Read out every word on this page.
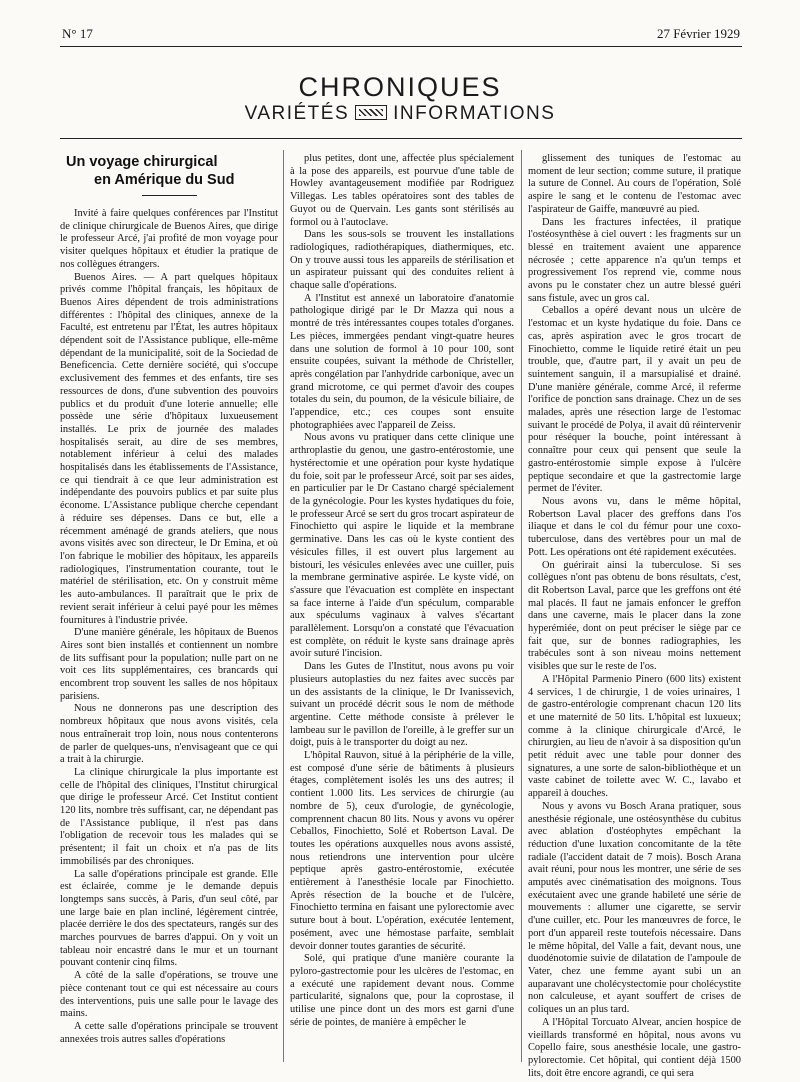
N° 17	27 Février 1929
CHRONIQUES
VARIÉTÉS INFORMATIONS
Un voyage chirurgical
en Amérique du Sud

Invité à faire quelques conférences par l'Institut de clinique chirurgicale de Buenos Aires, que dirige le professeur Arcé, j'ai profité de mon voyage pour visiter quelques hôpitaux et étudier la pratique de nos collègues étrangers.

Buenos Aires. — A part quelques hôpitaux privés comme l'hôpital français, les hôpitaux de Buenos Aires dépendent de trois administrations différentes : l'hôpital des cliniques, annexe de la Faculté, est entretenu par l'État, les autres hôpitaux dépendent soit de l'Assistance publique, elle-même dépendant de la municipalité, soit de la Sociedad de Beneficencia. Cette dernière société, qui s'occupe exclusivement des femmes et des enfants, tire ses ressources de dons, d'une subvention des pouvoirs publics et du produit d'une loterie annuelle; elle possède une série d'hôpitaux luxueusement installés. Le prix de journée des malades hospitalisés serait, au dire de ses membres, notablement inférieur à celui des malades hospitalisés dans les établissements de l'Assistance, ce qui tiendrait à ce que leur administration est indépendante des pouvoirs publics et par suite plus économe. L'Assistance publique cherche cependant à réduire ses dépenses. Dans ce but, elle a récemment aménagé de grands ateliers, que nous avons visités avec son directeur, le Dr Emina, et où l'on fabrique le mobilier des hôpitaux, les appareils radiologiques, l'instrumentation courante, tout le matériel de stérilisation, etc. On y construit même les auto-ambulances. Il paraîtrait que le prix de revient serait inférieur à celui payé pour les mêmes fournitures à l'industrie privée.

D'une manière générale, les hôpitaux de Buenos Aires sont bien installés et contiennent un nombre de lits suffisant pour la population; nulle part on ne voit ces lits supplémentaires, ces brancards qui encombrent trop souvent les salles de nos hôpitaux parisiens.

Nous ne donnerons pas une description des nombreux hôpitaux que nous avons visités, cela nous entraînerait trop loin, nous nous contenterons de parler de quelques-uns, n'envisageant que ce qui a trait à la chirurgie.

La clinique chirurgicale la plus importante est celle de l'hôpital des cliniques, l'Institut chirurgical que dirige le professeur Arcé. Cet Institut contient 120 lits, nombre très suffisant, car, ne dépendant pas de l'Assistance publique, il n'est pas dans l'obligation de recevoir tous les malades qui se présentent; il fait un choix et n'a pas de lits immobilisés par des chroniques.

La salle d'opérations principale est grande. Elle est éclairée, comme je le demande depuis longtemps sans succès, à Paris, d'un seul côté, par une large baie en plan incliné, légèrement cintrée, placée derrière le dos des spectateurs, rangés sur des marches pourvues de barres d'appui. On y voit un tableau noir encastré dans le mur et un tournant pouvant contenir cinq films.

A côté de la salle d'opérations, se trouve une pièce contenant tout ce qui est nécessaire au cours des interventions, puis une salle pour le lavage des mains.

A cette salle d'opérations principale se trouvent annexées trois autres salles d'opérations

plus petites, dont une, affectée plus spécialement à la pose des appareils, est pourvue d'une table de Howley avantageusement modifiée par Rodriguez Villegas. Les tables opératoires sont des tables de Guyot ou de Quervain. Les gants sont stérilisés au formol ou à l'autoclave.

Dans les sous-sols se trouvent les installations radiologiques, radiothérapiques, diathermiques, etc. On y trouve aussi tous les appareils de stérilisation et un aspirateur puissant qui des conduites relient à chaque salle d'opérations.

A l'Institut est annexé un laboratoire d'anatomie pathologique dirigé par le Dr Mazza qui nous a montré de très intéressantes coupes totales d'organes. Les pièces, immergées pendant vingt-quatre heures dans une solution de formol à 10 pour 100, sont ensuite coupées, suivant la méthode de Christeller, après congélation par l'anhydride carbonique, avec un grand microtome, ce qui permet d'avoir des coupes totales du sein, du poumon, de la vésicule biliaire, de l'appendice, etc.; ces coupes sont ensuite photographiées avec l'appareil de Zeiss.

Nous avons vu pratiquer dans cette clinique une arthroplastie du genou, une gastro-entérostomie, une hystérectomie et une opération pour kyste hydatique du foie, soit par le professeur Arcé, soit par ses aides, en particulier par le Dr Castano chargé spécialement de la gynécologie. Pour les kystes hydatiques du foie, le professeur Arcé se sert du gros trocart aspirateur de Finochietto qui aspire le liquide et la membrane germinative. Dans les cas où le kyste contient des vésicules filles, il est ouvert plus largement au bistouri, les vésicules enlevées avec une cuiller, puis la membrane germinative aspirée. Le kyste vidé, on s'assure que l'évacuation est complète en inspectant sa face interne à l'aide d'un spéculum, comparable aux spéculums vaginaux à valves s'écartant parallèlement. Lorsqu'on a constaté que l'évacuation est complète, on réduit le kyste sans drainage après avoir suturé l'incision.

Dans les Gutes de l'Institut, nous avons pu voir plusieurs autoplasties du nez faites avec succès par un des assistants de la clinique, le Dr Ivanissevich, suivant un procédé décrit sous le nom de méthode argentine. Cette méthode consiste à prélever le lambeau sur le pavillon de l'oreille, à le greffer sur un doigt, puis à le transporter du doigt au nez.

L'hôpital Rauvon, situé à la périphérie de la ville, est composé d'une série de bâtiments à plusieurs étages, complètement isolés les uns des autres; il contient 1.000 lits. Les services de chirurgie (au nombre de 5), ceux d'urologie, de gynécologie, comprennent chacun 80 lits. Nous y avons vu opérer Ceballos, Finochietto, Solé et Robertson Laval. De toutes les opérations auxquelles nous avons assisté, nous retiendrons une intervention pour ulcère peptique après gastro-entérostomie, exécutée entièrement à l'anesthésie locale par Finochietto. Après résection de la bouche et de l'ulcère, Finochietto termina en faisant une pylorectomie avec suture bout à bout. L'opération, exécutée lentement, posément, avec une hémostase parfaite, semblait devoir donner toutes garanties de sécurité.

Solé, qui pratique d'une manière courante la pyloro-gastrectomie pour les ulcères de l'estomac, en a exécuté une rapidement devant nous. Comme particularité, signalons que, pour la coprostase, il utilise une pince dont un des mors est garni d'une série de pointes, de manière à empêcher le

glissement des tuniques de l'estomac au moment de leur section; comme suture, il pratique la suture de Connel. Au cours de l'opération, Solé aspire le sang et le contenu de l'estomac avec l'aspirateur de Gaiffe, manœuvré au pied.

Dans les fractures infectées, il pratique l'ostéosynthèse à ciel ouvert : les fragments sur un blessé en traitement avaient une apparence nécrosée ; cette apparence n'a qu'un temps et progressivement l'os reprend vie, comme nous avons pu le constater chez un autre blessé guéri sans fistule, avec un gros cal.

Ceballos a opéré devant nous un ulcère de l'estomac et un kyste hydatique du foie. Dans ce cas, après aspiration avec le gros trocart de Finochietto, comme le liquide retiré était un peu trouble, que, d'autre part, il y avait un peu de suintement sanguin, il a marsupialisé et drainé. D'une manière générale, comme Arcé, il referme l'orifice de ponction sans drainage. Chez un de ses malades, après une résection large de l'estomac suivant le procédé de Polya, il avait dû réintervenir pour réséquer la bouche, point intéressant à connaître pour ceux qui pensent que seule la gastro-entérostomie simple expose à l'ulcère peptique secondaire et que la gastrectomie large permet de l'éviter.

Nous avons vu, dans le même hôpital, Robertson Laval placer des greffons dans l'os iliaque et dans le col du fémur pour une coxo-tuberculose, dans des vertèbres pour un mal de Pott. Les opérations ont été rapidement exécutées.

On guérirait ainsi la tuberculose. Si ses collègues n'ont pas obtenu de bons résultats, c'est, dit Robertson Laval, parce que les greffons ont été mal placés. Il faut ne jamais enfoncer le greffon dans une caverne, mais le placer dans la zone hyperémiée, dont on peut préciser le siège par ce fait que, sur de bonnes radiographies, les trabécules sont à son niveau moins nettement visibles que sur le reste de l'os.

A l'Hôpital Parmenio Pinero (600 lits) existent 4 services, 1 de chirurgie, 1 de voies urinaires, 1 de gastro-entérologie comprenant chacun 120 lits et une maternité de 50 lits. L'hôpital est luxueux; comme à la clinique chirurgicale d'Arcé, le chirurgien, au lieu de n'avoir à sa disposition qu'un petit réduit avec une table pour donner des signatures, a une sorte de salon-bibliothèque et un vaste cabinet de toilette avec W. C., lavabo et appareil à douches.

Nous y avons vu Bosch Arana pratiquer, sous anesthésie régionale, une ostéosynthèse du cubitus avec ablation d'ostéophytes empêchant la réduction d'une luxation concomitante de la tête radiale (l'accident datait de 7 mois). Bosch Arana avait réuni, pour nous les montrer, une série de ses amputés avec cinématisation des moignons. Tous exécutaient avec une grande habileté une série de mouvements : allumer une cigarette, se servir d'une cuiller, etc. Pour les manœuvres de force, le port d'un appareil reste toutefois nécessaire. Dans le même hôpital, del Valle a fait, devant nous, une duodénotomie suivie de dilatation de l'ampoule de Vater, chez une femme ayant subi un an auparavant une cholécystectomie pour cholécystite non calculeuse, et ayant souffert de crises de coliques un an plus tard.

A l'Hôpital Torcuato Alvear, ancien hospice de vieillards transformé en hôpital, nous avons vu Copello faire, sous anesthésie locale, une gastro-pylorectomie. Cet hôpital, qui contient déjà 1500 lits, doit être encore agrandi, ce qui sera
